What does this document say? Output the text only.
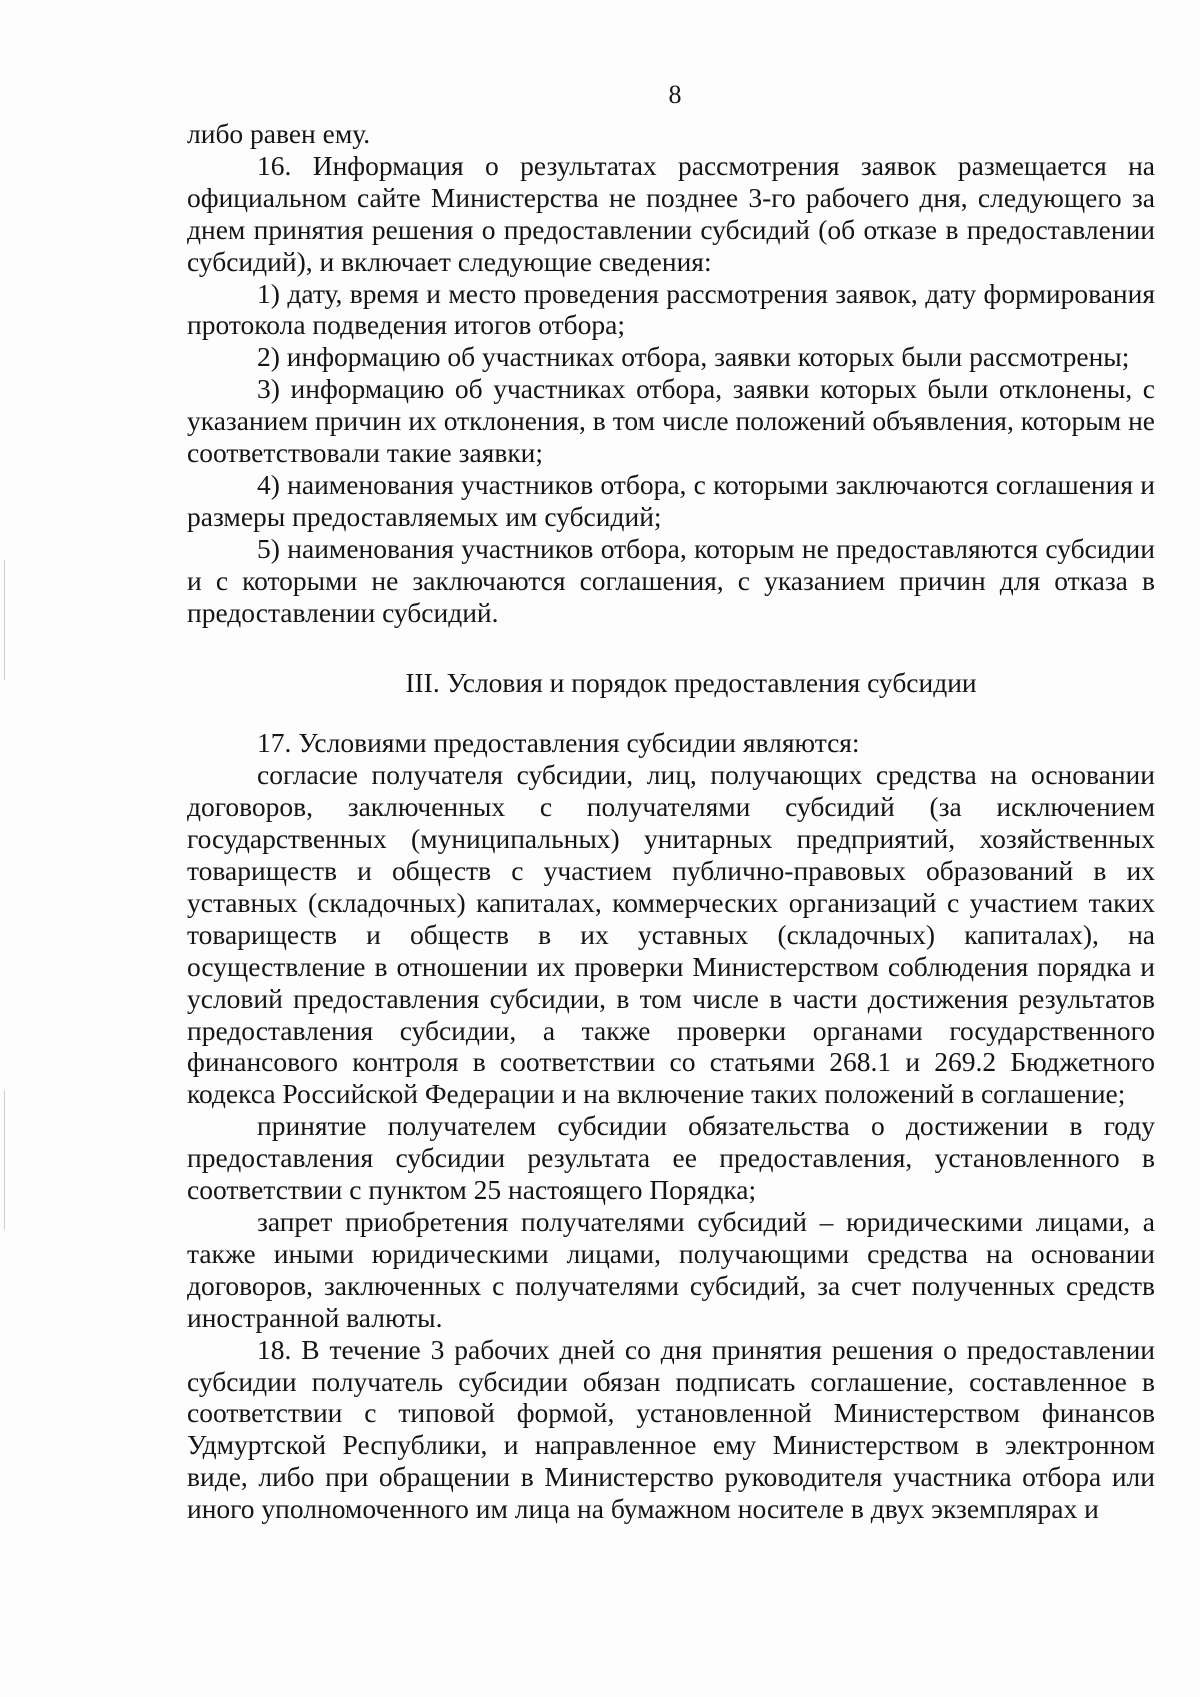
8

либо равен ему.

16. Информация о результатах рассмотрения заявок размещается на официальном сайте Министерства не позднее 3-го рабочего дня, следующего за днем принятия решения о предоставлении субсидий (об отказе в предоставлении субсидий), и включает следующие сведения:

1) дату, время и место проведения рассмотрения заявок, дату формирования протокола подведения итогов отбора;

2) информацию об участниках отбора, заявки которых были рассмотрены;

3) информацию об участниках отбора, заявки которых были отклонены, с указанием причин их отклонения, в том числе положений объявления, которым не соответствовали такие заявки;

4) наименования участников отбора, с которыми заключаются соглашения и размеры предоставляемых им субсидий;

5) наименования участников отбора, которым не предоставляются субсидии и с которыми не заключаются соглашения, с указанием причин для отказа в предоставлении субсидий.

III. Условия и порядок предоставления субсидии

17. Условиями предоставления субсидии являются:

согласие получателя субсидии, лиц, получающих средства на основании договоров, заключенных с получателями субсидий (за исключением государственных (муниципальных) унитарных предприятий, хозяйственных товариществ и обществ с участием публично-правовых образований в их уставных (складочных) капиталах, коммерческих организаций с участием таких товариществ и обществ в их уставных (складочных) капиталах), на осуществление в отношении их проверки Министерством соблюдения порядка и условий предоставления субсидии, в том числе в части достижения результатов предоставления субсидии, а также проверки органами государственного финансового контроля в соответствии со статьями 268.1 и 269.2 Бюджетного кодекса Российской Федерации и на включение таких положений в соглашение;

принятие получателем субсидии обязательства о достижении в году предоставления субсидии результата ее предоставления, установленного в соответствии с пунктом 25 настоящего Порядка;

запрет приобретения получателями субсидий – юридическими лицами, а также иными юридическими лицами, получающими средства на основании договоров, заключенных с получателями субсидий, за счет полученных средств иностранной валюты.

18. В течение 3 рабочих дней со дня принятия решения о предоставлении субсидии получатель субсидии обязан подписать соглашение, составленное в соответствии с типовой формой, установленной Министерством финансов Удмуртской Республики, и направленное ему Министерством в электронном виде, либо при обращении в Министерство руководителя участника отбора или иного уполномоченного им лица на бумажном носителе в двух экземплярах и
